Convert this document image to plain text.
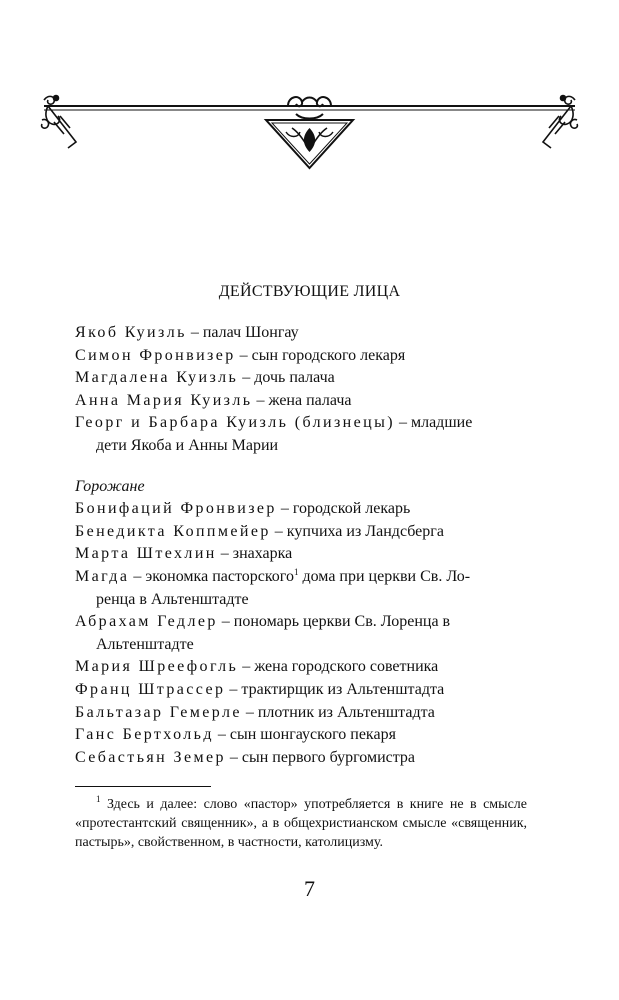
ДЕЙСТВУЮЩИЕ ЛИЦА

Якоб Куизль – палач Шонгау

Симон Фронвизер – сын городского лекаря

Магдалена Куизль – дочь палача

Анна Мария Куизль – жена палача

Георг и Барбара Куизль (близнецы) – младшие
дети Якоба и Анны Марии

Горожане

Бонифаций Фронвизер – городской лекарь

Бенедикта Коппмейер – купчиха из Ландсберга

Марта Штехлин – знахарка

Магда – экономка пасторского$^1$ дома при церкви Св. Ло-
ренца в Альтенштадте

Абрахам Гедлер – пономарь церкви Св. Лоренца в
Альтенштадте

Мария Шреефогль – жена городского советника

Франц Штрассер – трактирщик из Альтенштадта

Бальтазар Гемерле – плотник из Альтенштадта

Ганс Бертхольд – сын шонгауского пекаря

Себастьян Земер – сын первого бургомистра

$^1$ Здесь и далее: слово «пастор» употребляется в книге не в смысле «протестантский священник», а в общехристианском смысле «священник, пастырь», свойственном, в частности, католицизму.
7
